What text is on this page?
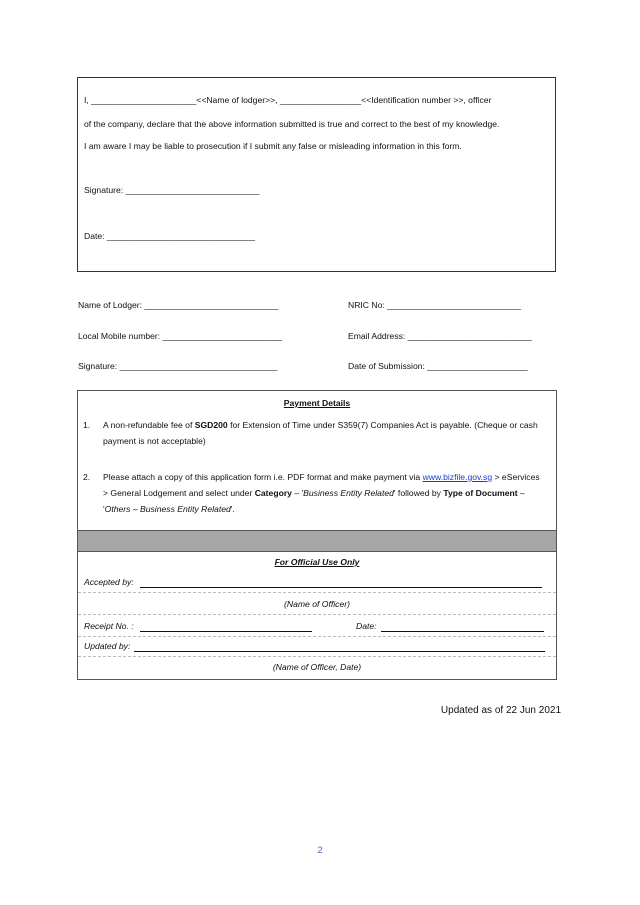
I, ______________________<<Name of lodger>>, _________________<<Identification number >>, officer
of the company, declare that the above information submitted is true and correct to the best of my knowledge.
I am aware I may be liable to prosecution if I submit any false or misleading information in this form.
Signature: ____________________________
Date: _______________________________
Name of Lodger: ____________________________	NRIC No: ____________________________
Local Mobile number: _________________________	Email Address: __________________________
Signature: _________________________________	Date of Submission: _____________________
Payment Details
1. A non-refundable fee of SGD200 for Extension of Time under S359(7) Companies Act is payable. (Cheque or cash payment is not acceptable)
2. Please attach a copy of this application form i.e. PDF format and make payment via www.bizfile.gov.sg > eServices > General Lodgement and select under Category – 'Business Entity Related' followed by Type of Document – 'Others – Business Entity Related'.
For Official Use Only
Accepted by:
(Name of Officer)
Receipt No. :	Date:
Updated by:
(Name of Officer, Date)
Updated as of 22 Jun 2021
2
